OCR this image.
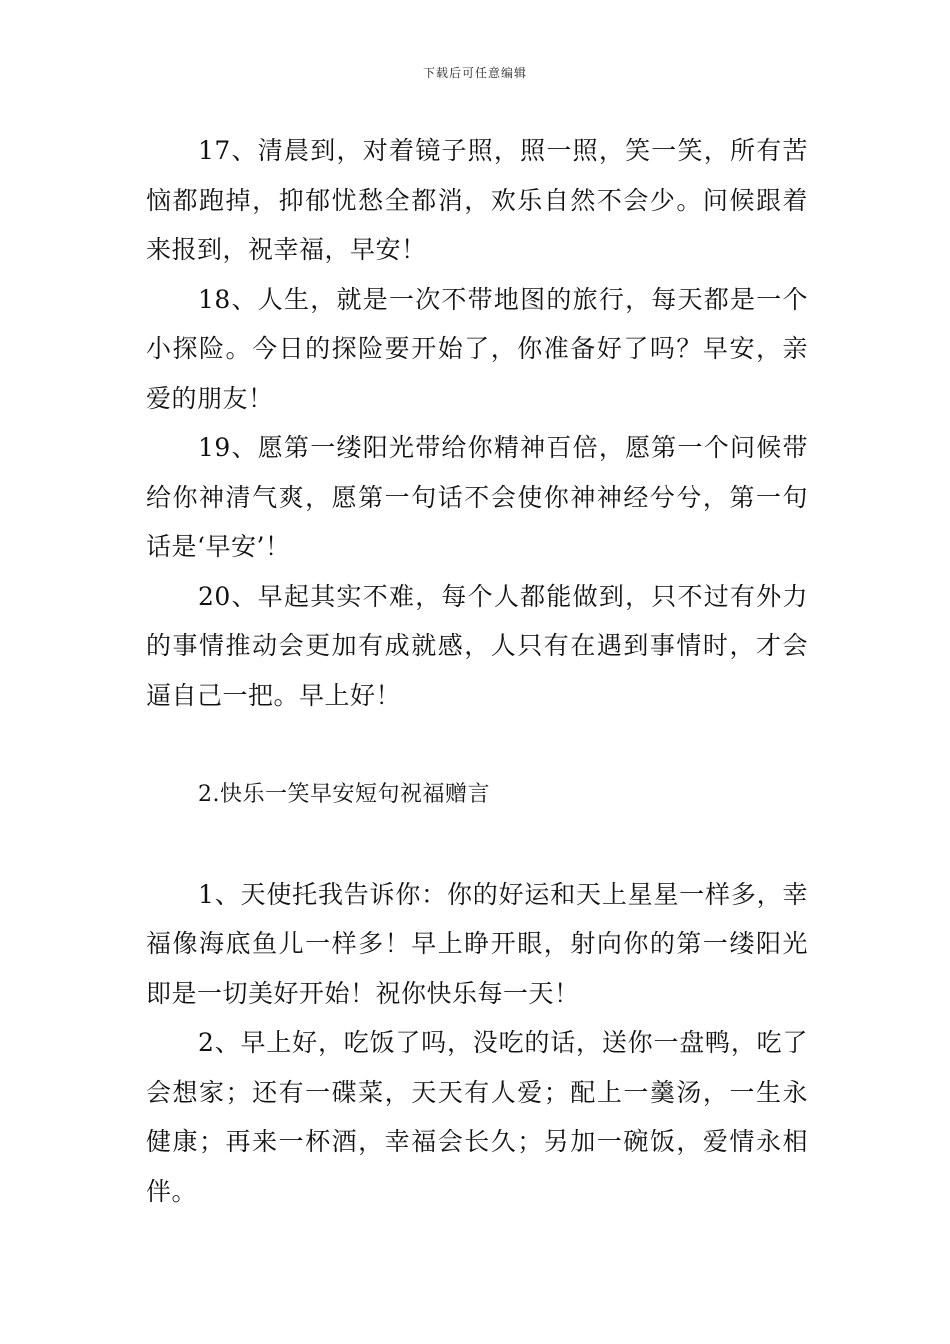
下载后可任意编辑

17、清晨到，对着镜子照，照一照，笑一笑，所有苦恼都跑掉，抑郁忧愁全都消，欢乐自然不会少。问候跟着来报到，祝幸福，早安！

18、人生，就是一次不带地图的旅行，每天都是一个小探险。今日的探险要开始了，你准备好了吗？早安，亲爱的朋友！

19、愿第一缕阳光带给你精神百倍，愿第一个问候带给你神清气爽，愿第一句话不会使你神神经兮兮，第一句话是‘早安’！

20、早起其实不难，每个人都能做到，只不过有外力的事情推动会更加有成就感，人只有在遇到事情时，才会逼自己一把。早上好！

2.快乐一笑早安短句祝福赠言

1、天使托我告诉你：你的好运和天上星星一样多，幸福像海底鱼儿一样多！早上睁开眼，射向你的第一缕阳光即是一切美好开始！祝你快乐每一天！

2、早上好，吃饭了吗，没吃的话，送你一盘鸭，吃了会想家；还有一碟菜，天天有人爱；配上一羹汤，一生永健康；再来一杯酒，幸福会长久；另加一碗饭，爱情永相伴。
